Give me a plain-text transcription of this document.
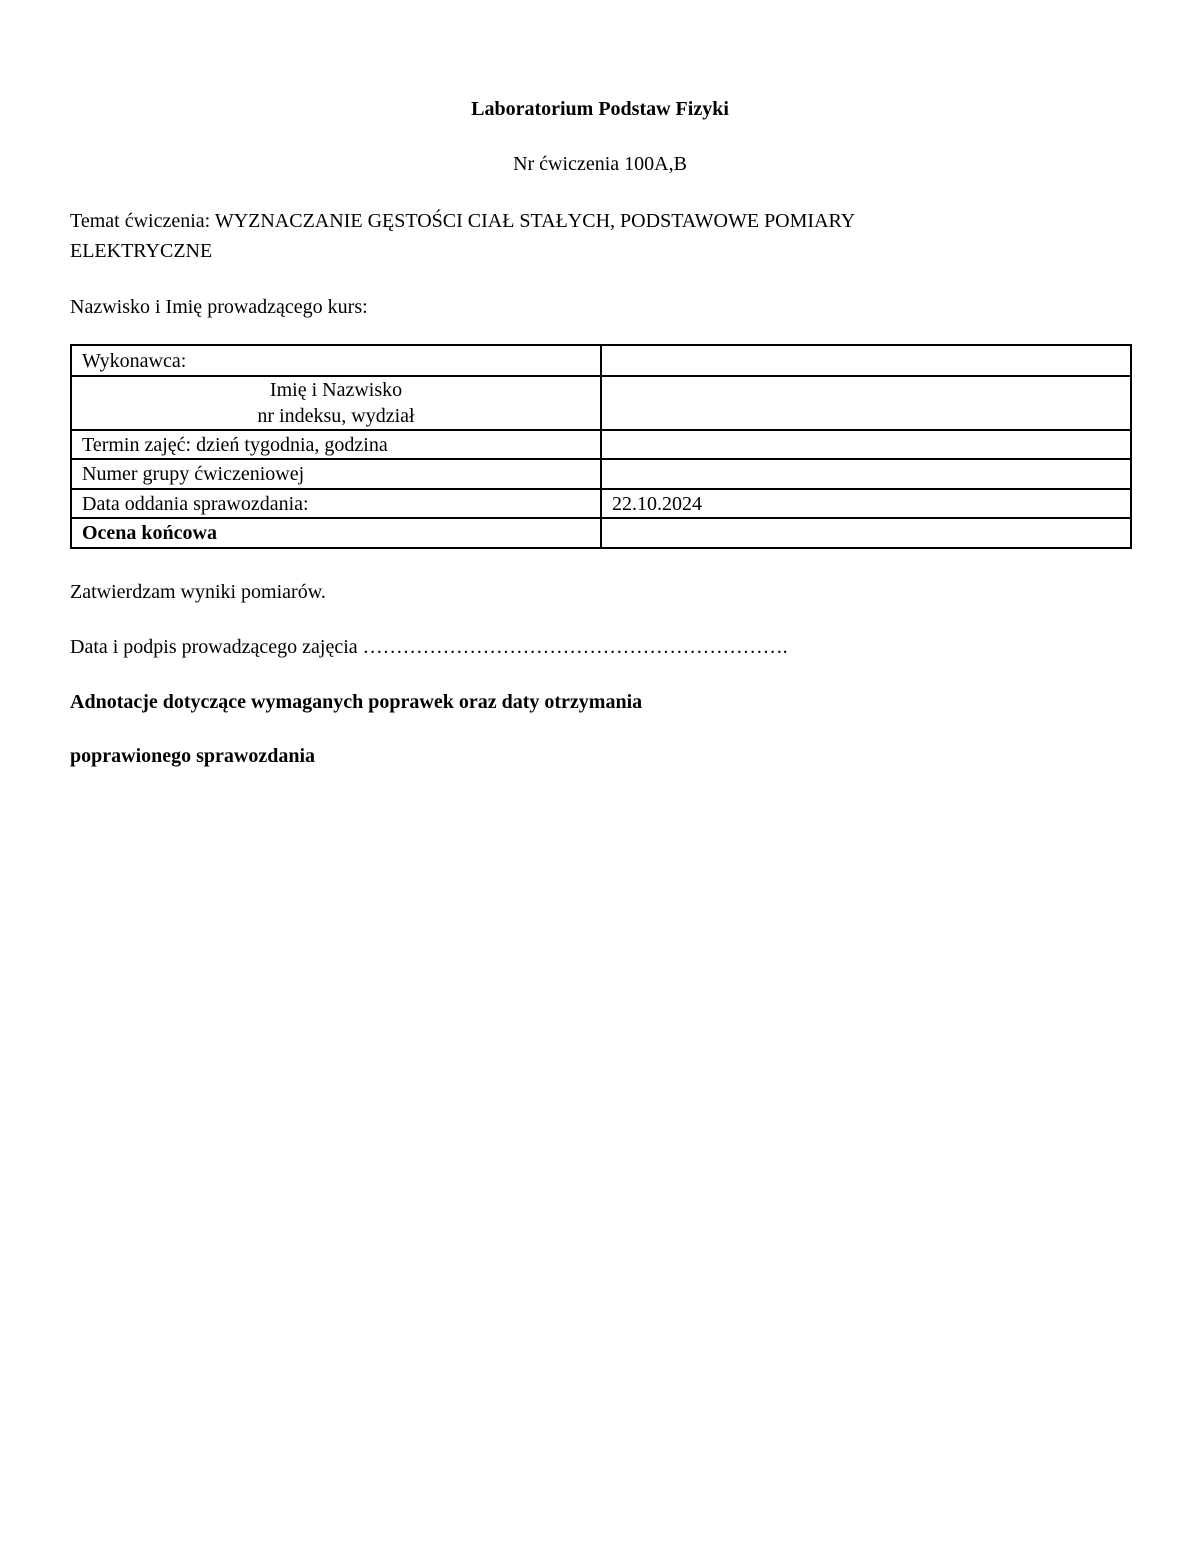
Laboratorium Podstaw Fizyki
Nr ćwiczenia 100A,B
Temat ćwiczenia: WYZNACZANIE GĘSTOŚCI CIAŁ STAŁYCH, PODSTAWOWE POMIARY
ELEKTRYCZNE
Nazwisko i Imię prowadzącego kurs:
Wykonawca:	

Imię i Nazwisko
nr indeksu, wydział	

Termin zajęć: dzień tygodnia, godzina	
Numer grupy ćwiczeniowej	
Data oddania sprawozdania:	22.10.2024
Ocena końcowa	
Zatwierdzam wyniki pomiarów.
Data i podpis prowadzącego zajęcia ……………………………………………………….
Adnotacje dotyczące wymaganych poprawek oraz daty otrzymania
poprawionego sprawozdania
